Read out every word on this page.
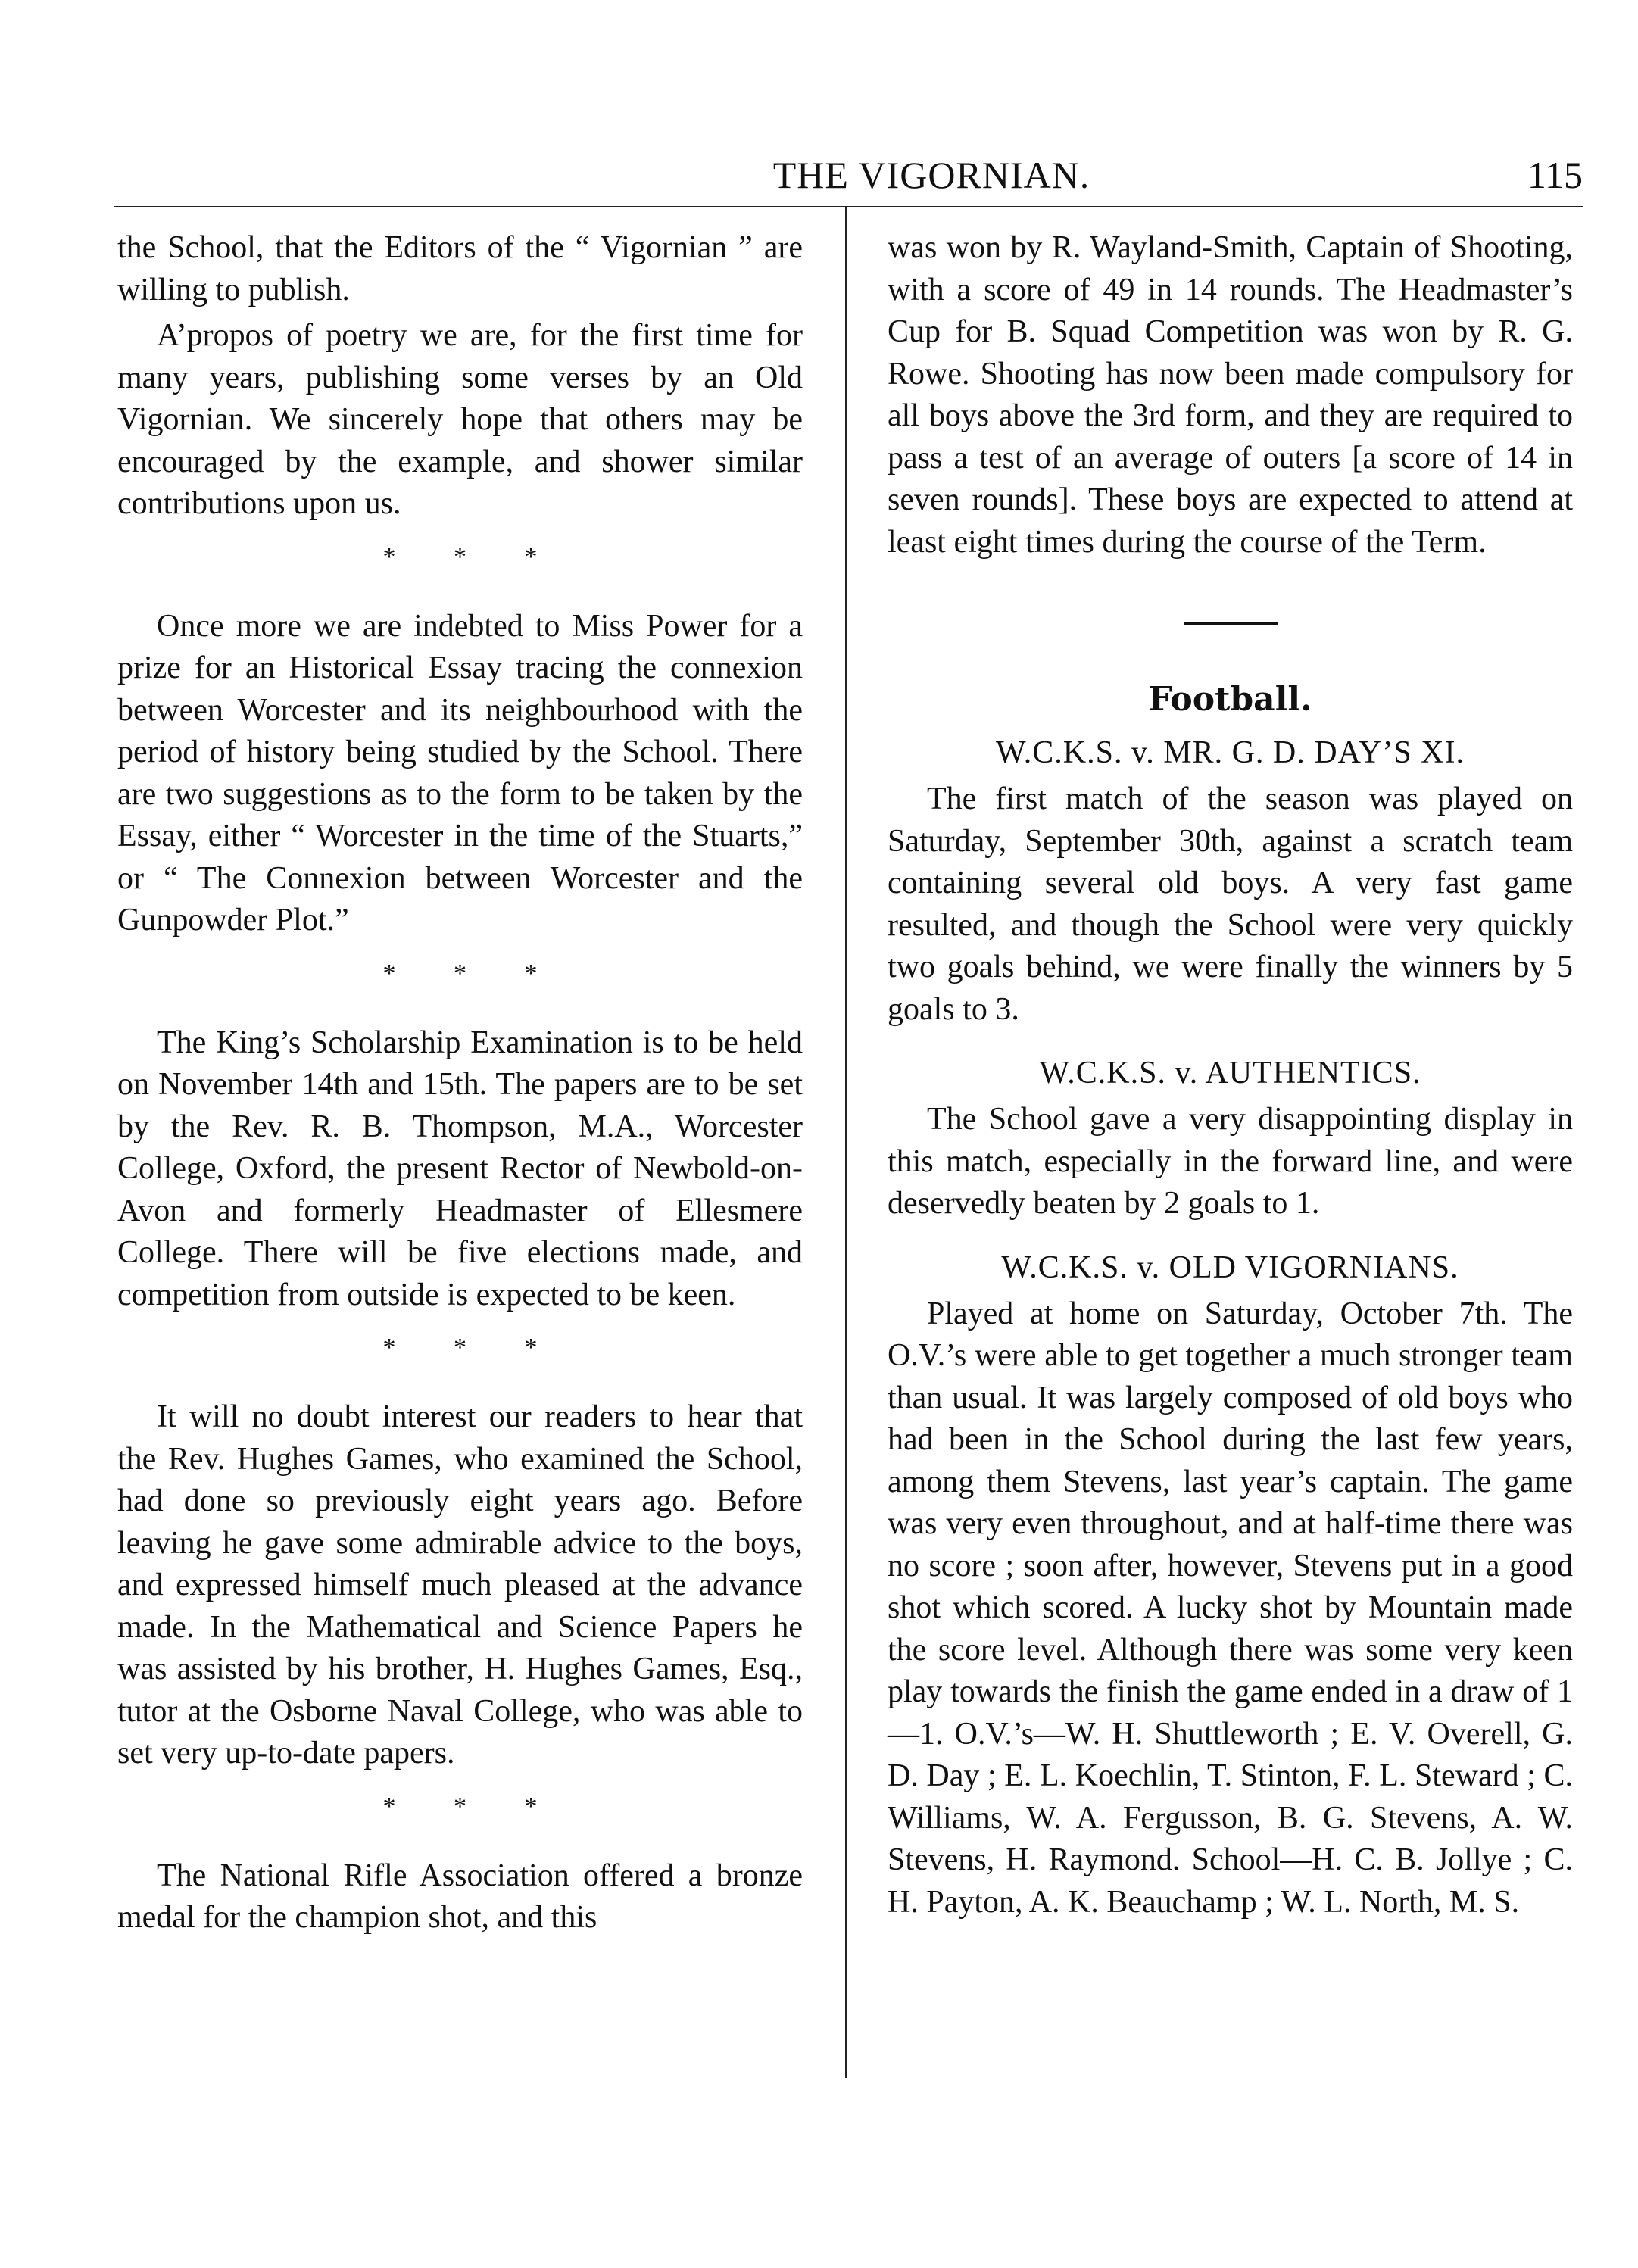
THE VIGORNIAN.	115

the School, that the Editors of the “ Vigornian ” are willing to publish.

A’propos of poetry we are, for the first time for many years, publishing some verses by an Old Vigornian. We sincerely hope that others may be encouraged by the example, and shower similar contributions upon us.

* * *

Once more we are indebted to Miss Power for a prize for an Historical Essay tracing the connexion between Worcester and its neighbourhood with the period of history being studied by the School. There are two suggestions as to the form to be taken by the Essay, either “ Worcester in the time of the Stuarts,” or “ The Connexion between Worcester and the Gunpowder Plot.”

* * *

The King’s Scholarship Examination is to be held on November 14th and 15th. The papers are to be set by the Rev. R. B. Thompson, M.A., Worcester College, Oxford, the present Rector of Newbold-on-Avon and formerly Headmaster of Ellesmere College. There will be five elections made, and competition from outside is expected to be keen.

* * *

It will no doubt interest our readers to hear that the Rev. Hughes Games, who examined the School, had done so previously eight years ago. Before leaving he gave some admirable advice to the boys, and expressed himself much pleased at the advance made. In the Mathematical and Science Papers he was assisted by his brother, H. Hughes Games, Esq., tutor at the Osborne Naval College, who was able to set very up-to-date papers.

* * *

The National Rifle Association offered a bronze medal for the champion shot, and this

was won by R. Wayland-Smith, Captain of Shooting, with a score of 49 in 14 rounds. The Headmaster’s Cup for B. Squad Competition was won by R. G. Rowe. Shooting has now been made compulsory for all boys above the 3rd form, and they are required to pass a test of an average of outers [a score of 14 in seven rounds]. These boys are expected to attend at least eight times during the course of the Term.

Football.
W.C.K.S. v. MR. G. D. DAY’S XI.

The first match of the season was played on Saturday, September 30th, against a scratch team containing several old boys. A very fast game resulted, and though the School were very quickly two goals behind, we were finally the winners by 5 goals to 3.

W.C.K.S. v. AUTHENTICS.

The School gave a very disappointing display in this match, especially in the forward line, and were deservedly beaten by 2 goals to 1.

W.C.K.S. v. OLD VIGORNIANS.

Played at home on Saturday, October 7th. The O.V.’s were able to get together a much stronger team than usual. It was largely composed of old boys who had been in the School during the last few years, among them Stevens, last year’s captain. The game was very even throughout, and at half-time there was no score ; soon after, however, Stevens put in a good shot which scored. A lucky shot by Mountain made the score level. Although there was some very keen play towards the finish the game ended in a draw of 1—1. O.V.’s—W. H. Shuttleworth ; E. V. Overell, G. D. Day ; E. L. Koechlin, T. Stinton, F. L. Steward ; C. Williams, W. A. Fergusson, B. G. Stevens, A. W. Stevens, H. Raymond. School—H. C. B. Jollye ; C. H. Payton, A. K. Beauchamp ; W. L. North, M. S.
